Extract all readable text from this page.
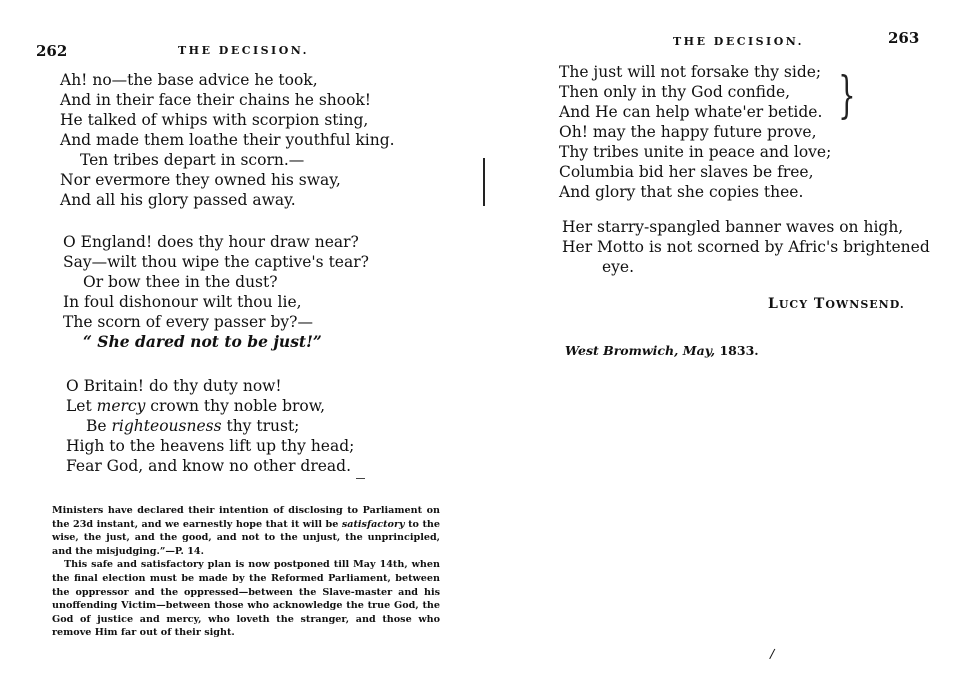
262	THE DECISION.
Ah! no—the base advice he took,
And in their face their chains he shook!
He talked of whips with scorpion sting,
And made them loathe their youthful king.
Ten tribes depart in scorn.—
Nor evermore they owned his sway,
And all his glory passed away.
O England! does thy hour draw near?
Say—wilt thou wipe the captive's tear?
Or bow thee in the dust?
In foul dishonour wilt thou lie,
The scorn of every passer by?—
“ She dared not to be just!”
O Britain! do thy duty now!
Let mercy crown thy noble brow,
Be righteousness thy trust;
High to the heavens lift up thy head;
Fear God, and know no other dread.
Ministers have declared their intention of disclosing to Parliament on the 23d instant, and we earnestly hope that it will be satisfactory to the wise, the just, and the good, and not to the unjust, the unprincipled, and the misjudging.”—P. 14.
This safe and satisfactory plan is now postponed till May 14th, when the final election must be made by the Reformed Parliament, between the oppressor and the oppressed—between the Slave-master and his unoffending Victim—between those who acknowledge the true God, the God of justice and mercy, who loveth the stranger, and those who remove Him far out of their sight.
THE DECISION.	263
The just will not forsake thy side;
Then only in thy God confide,
And He can help whate'er betide.
Oh! may the happy future prove,
Thy tribes unite in peace and love;
Columbia bid her slaves be free,
And glory that she copies thee.
Her starry-spangled banner waves on high,
Her Motto is not scorned by Afric's brightened
eye.
}
LUCY TOWNSEND.
West Bromwich, May, 1833.
/
